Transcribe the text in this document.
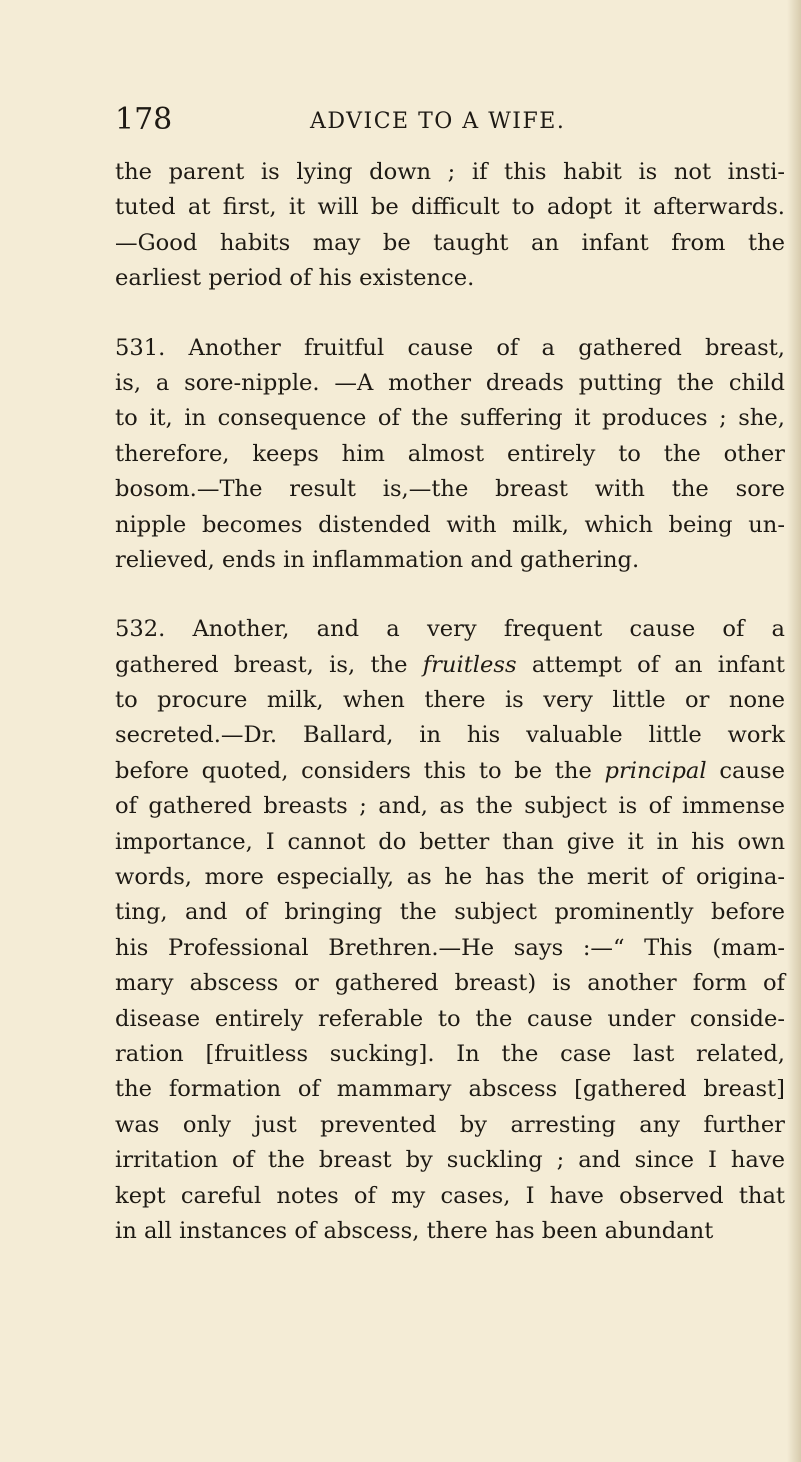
178	ADVICE TO A WIFE.
the parent is lying down ; if this habit is not insti-
tuted at first, it will be difficult to adopt it afterwards.
—Good habits may be taught an infant from the
earliest period of his existence.
531. Another fruitful cause of a gathered breast,
is, a sore-nipple. —A mother dreads putting the child
to it, in consequence of the suffering it produces ; she,
therefore, keeps him almost entirely to the other
bosom.—The result is,—the breast with the sore
nipple becomes distended with milk, which being un-
relieved, ends in inflammation and gathering.
532. Another, and a very frequent cause of a
gathered breast, is, the fruitless attempt of an infant
to procure milk, when there is very little or none
secreted.—Dr. Ballard, in his valuable little work
before quoted, considers this to be the principal cause
of gathered breasts ; and, as the subject is of immense
importance, I cannot do better than give it in his own
words, more especially, as he has the merit of origina-
ting, and of bringing the subject prominently before
his Professional Brethren.—He says :—“ This (mam-
mary abscess or gathered breast) is another form of
disease entirely referable to the cause under conside-
ration [fruitless sucking]. In the case last related,
the formation of mammary abscess [gathered breast]
was only just prevented by arresting any further
irritation of the breast by suckling ; and since I have
kept careful notes of my cases, I have observed that
in all instances of abscess, there has been abundant
